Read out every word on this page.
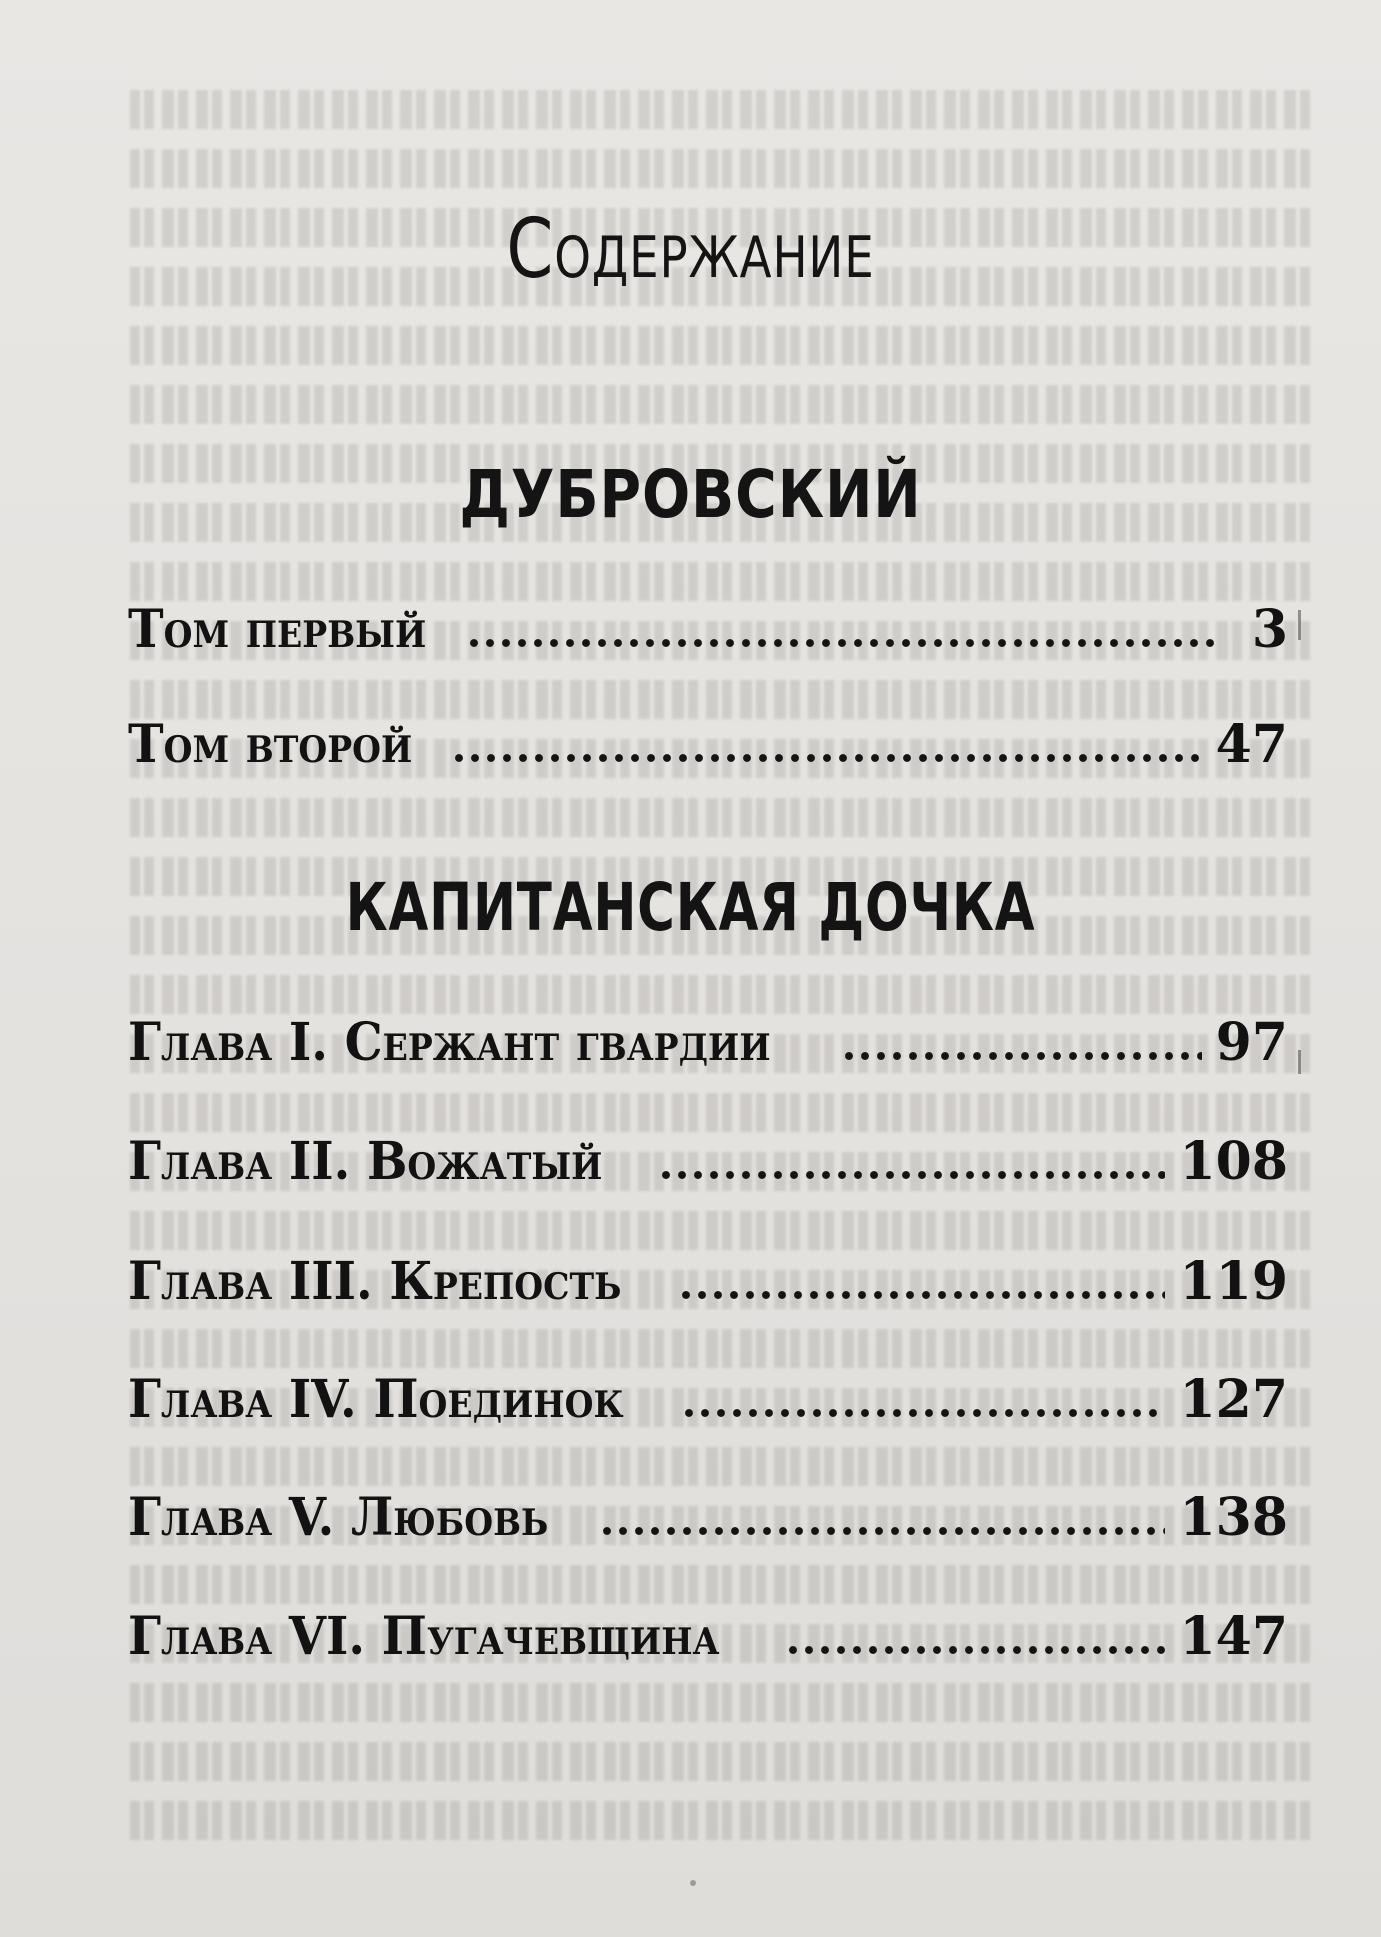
Содержание
ДУБРОВСКИЙ
Том первый	3
Том второй	47
КАПИТАНСКАЯ ДОЧКА
Глава I. Сержант гвардии	97
Глава II. Вожатый	108
Глава III. Крепость	119
Глава IV. Поединок	127
Глава V. Любовь	138
Глава VI. Пугачевщина	147
